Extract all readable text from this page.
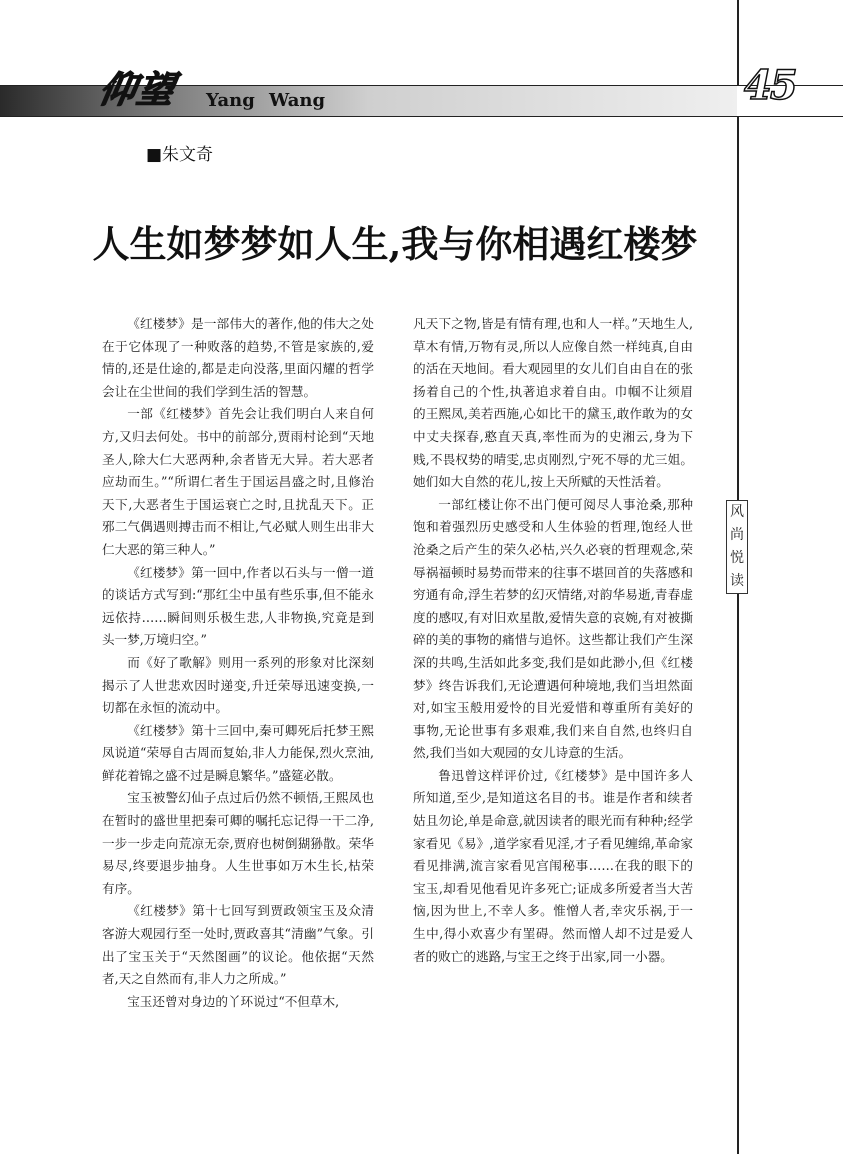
仰望 Yang Wang	45
■朱文奇
人生如梦梦如人生,我与你相遇红楼梦
风
尚
悦
读

《红楼梦》是一部伟大的著作,他的伟大之处在于它体现了一种败落的趋势,不管是家族的,爱情的,还是仕途的,都是走向没落,里面闪耀的哲学会让在尘世间的我们学到生活的智慧。

一部《红楼梦》首先会让我们明白人来自何方,又归去何处。书中的前部分,贾雨村论到“天地圣人,除大仁大恶两种,余者皆无大异。若大恶者应劫而生。”“所谓仁者生于国运昌盛之时,且修治天下,大恶者生于国运衰亡之时,且扰乱天下。正邪二气偶遇则搏击而不相让,气必赋人则生出非大仁大恶的第三种人。”

《红楼梦》第一回中,作者以石头与一僧一道的谈话方式写到:“那红尘中虽有些乐事,但不能永远依持……瞬间则乐极生悲,人非物换,究竟是到头一梦,万境归空。”

而《好了歌解》则用一系列的形象对比深刻揭示了人世悲欢因时递变,升迁荣辱迅速变换,一切都在永恒的流动中。

《红楼梦》第十三回中,秦可卿死后托梦王熙凤说道“荣辱自古周而复始,非人力能保,烈火烹油,鲜花着锦之盛不过是瞬息繁华。”盛筵必散。

宝玉被警幻仙子点过后仍然不顿悟,王熙凤也在暂时的盛世里把秦可卿的嘱托忘记得一干二净,一步一步走向荒凉无奈,贾府也树倒猢狲散。荣华易尽,终要退步抽身。人生世事如万木生长,枯荣有序。

《红楼梦》第十七回写到贾政领宝玉及众清客游大观园行至一处时,贾政喜其“清幽”气象。引出了宝玉关于“天然图画”的议论。他依据“天然者,天之自然而有,非人力之所成。”

宝玉还曾对身边的丫环说过“不但草木,

凡天下之物,皆是有情有理,也和人一样。”天地生人,草木有情,万物有灵,所以人应像自然一样纯真,自由的活在天地间。看大观园里的女儿们自由自在的张扬着自己的个性,执著追求着自由。巾帼不让须眉的王熙凤,美若西施,心如比干的黛玉,敢作敢为的女中丈夫探春,憨直天真,率性而为的史湘云,身为下贱,不畏权势的晴雯,忠贞刚烈,宁死不辱的尤三姐。她们如大自然的花儿,按上天所赋的天性活着。

一部红楼让你不出门便可阅尽人事沧桑,那种饱和着强烈历史感受和人生体验的哲理,饱经人世沧桑之后产生的荣久必枯,兴久必衰的哲理观念,荣辱祸福顿时易势而带来的往事不堪回首的失落感和穷通有命,浮生若梦的幻灭情绪,对韵华易逝,青春虚度的感叹,有对旧欢星散,爱情失意的哀婉,有对被撕碎的美的事物的痛惜与追怀。这些都让我们产生深深的共鸣,生活如此多变,我们是如此渺小,但《红楼梦》终告诉我们,无论遭遇何种境地,我们当坦然面对,如宝玉般用爱怜的目光爱惜和尊重所有美好的事物,无论世事有多艰难,我们来自自然,也终归自然,我们当如大观园的女儿诗意的生活。

鲁迅曾这样评价过,《红楼梦》是中国许多人所知道,至少,是知道这名目的书。谁是作者和续者姑且勿论,单是命意,就因读者的眼光而有种种;经学家看见《易》,道学家看见淫,才子看见缠绵,革命家看见排满,流言家看见宫闱秘事……在我的眼下的宝玉,却看见他看见许多死亡;证成多所爱者当大苦恼,因为世上,不幸人多。惟憎人者,幸灾乐祸,于一生中,得小欢喜少有罣碍。然而憎人却不过是爱人者的败亡的逃路,与宝王之终于出家,同一小器。
